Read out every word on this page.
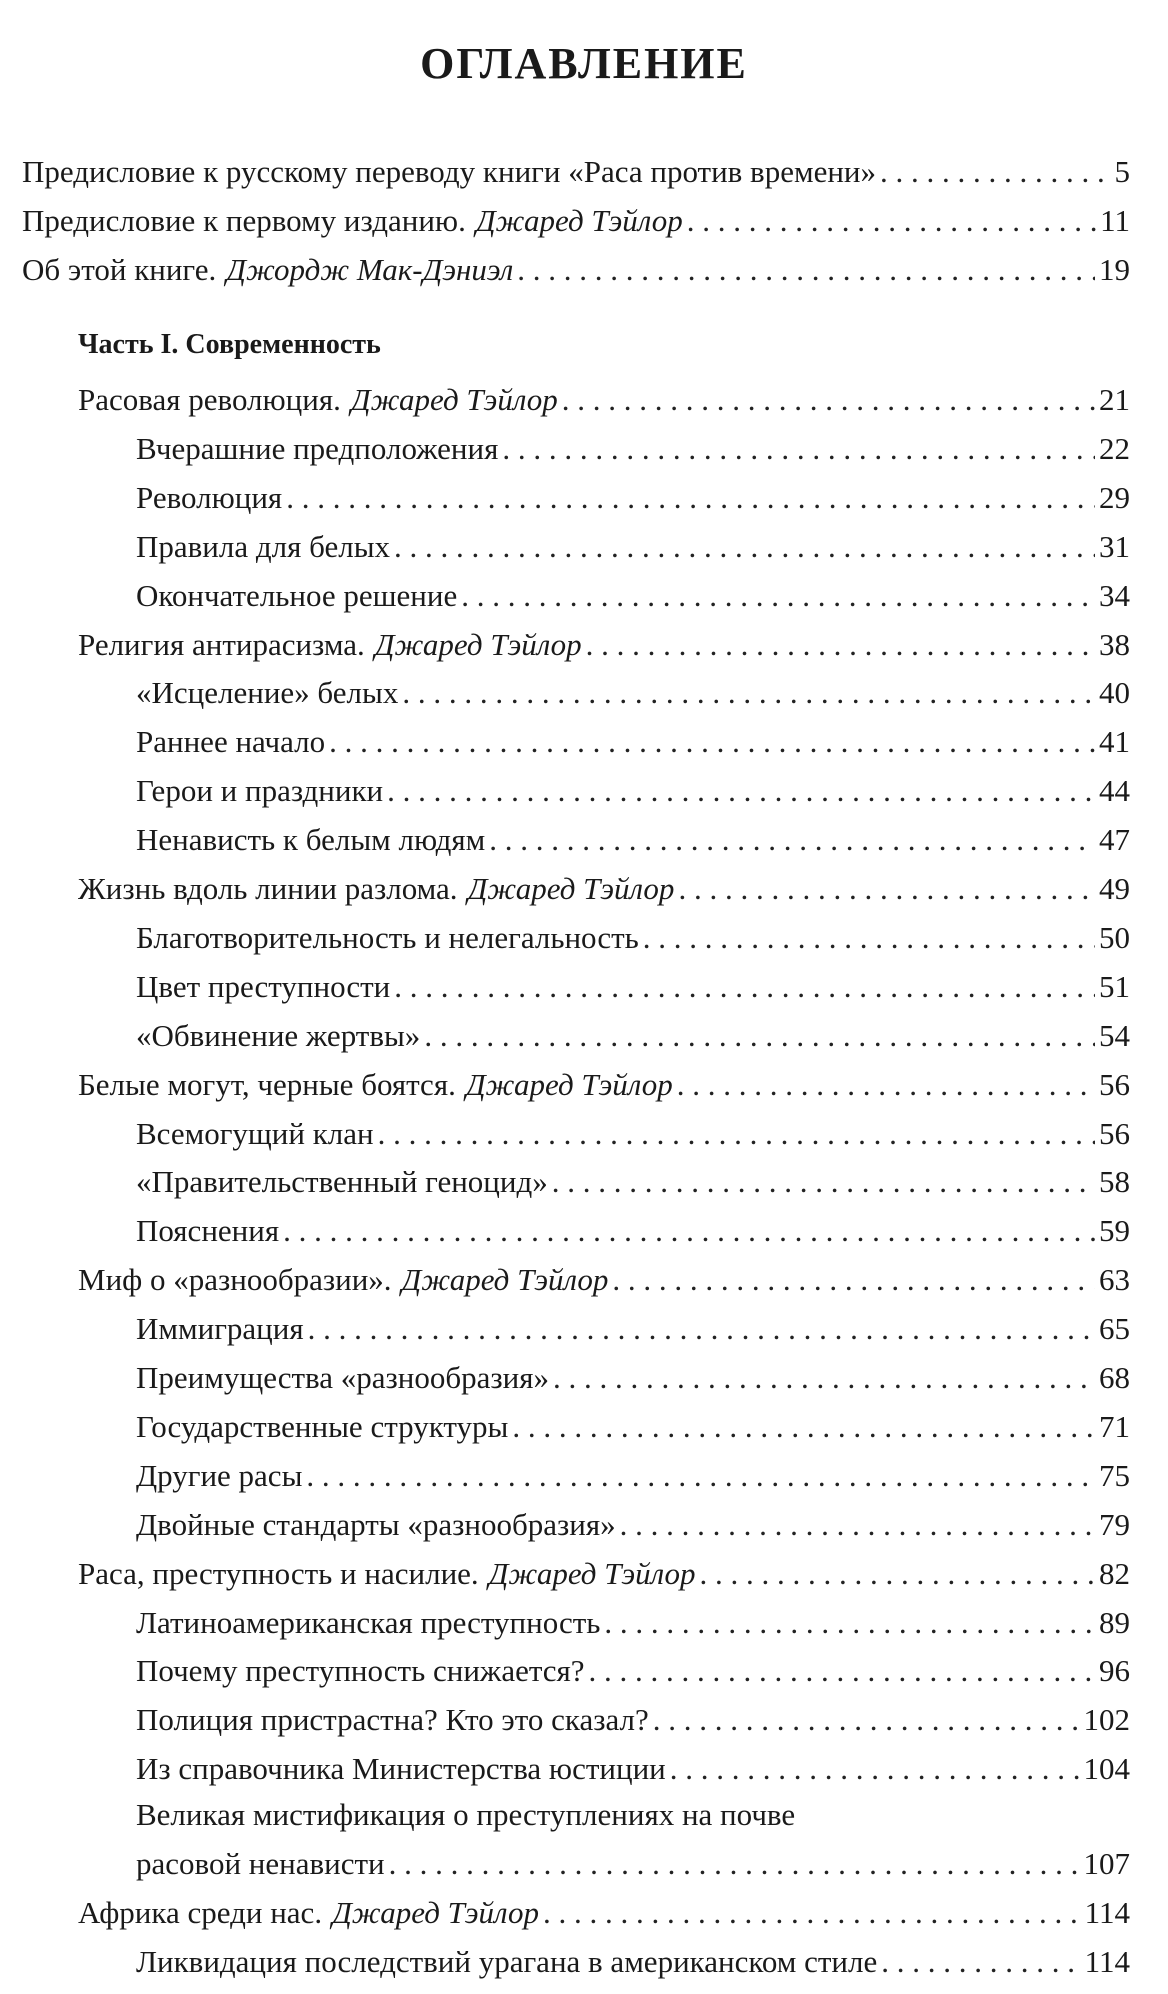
ОГЛАВЛЕНИЕ
Предисловие к русскому переводу книги «Раса против времени» . . .	5
Предисловие к первому изданию. Джаред Тэйлор . . .	11
Об этой книге. Джордж Мак-Дэниэл . . .	19
Часть I. Современность
Расовая революция. Джаред Тэйлор . . .	21
Вчерашние предположения . . .	22
Революция . . .	29
Правила для белых . . .	31
Окончательное решение . . .	34
Религия антирасизма. Джаред Тэйлор . . .	38
«Исцеление» белых . . .	40
Раннее начало . . .	41
Герои и праздники . . .	44
Ненависть к белым людям . . .	47
Жизнь вдоль линии разлома. Джаред Тэйлор . . .	49
Благотворительность и нелегальность . . .	50
Цвет преступности . . .	51
«Обвинение жертвы» . . .	54
Белые могут, черные боятся. Джаред Тэйлор . . .	56
Всемогущий клан . . .	56
«Правительственный геноцид» . . .	58
Пояснения . . .	59
Миф о «разнообразии». Джаред Тэйлор . . .	63
Иммиграция . . .	65
Преимущества «разнообразия» . . .	68
Государственные структуры . . .	71
Другие расы . . .	75
Двойные стандарты «разнообразия» . . .	79
Раса, преступность и насилие. Джаред Тэйлор . . .	82
Латиноамериканская преступность . . .	89
Почему преступность снижается? . . .	96
Полиция пристрастна? Кто это сказал? . . .	102
Из справочника Министерства юстиции . . .	104
Великая мистификация о преступлениях на почве
расовой ненависти . . .	107
Африка среди нас. Джаред Тэйлор . . .	114
Ликвидация последствий урагана в американском стиле . . .	114
